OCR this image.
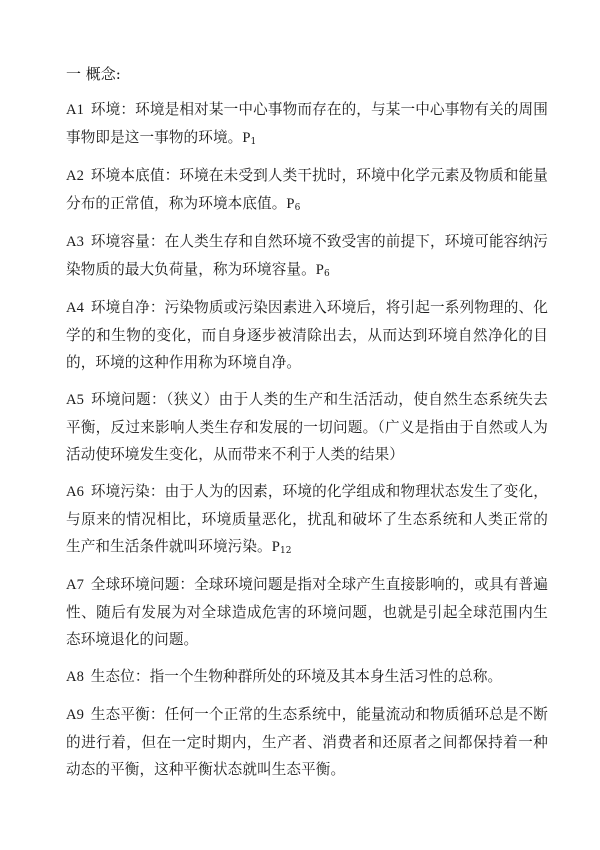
一 概念:

A1 环境：环境是相对某一中心事物而存在的，与某一中心事物有关的周围事物即是这一事物的环境。$P_1$

A2 环境本底值：环境在未受到人类干扰时，环境中化学元素及物质和能量分布的正常值，称为环境本底值。$P_6$

A3 环境容量：在人类生存和自然环境不致受害的前提下，环境可能容纳污染物质的最大负荷量，称为环境容量。$P_6$

A4 环境自净：污染物质或污染因素进入环境后，将引起一系列物理的、化学的和生物的变化，而自身逐步被清除出去，从而达到环境自然净化的目的，环境的这种作用称为环境自净。

A5 环境问题：（狭义）由于人类的生产和生活活动，使自然生态系统失去平衡，反过来影响人类生存和发展的一切问题。（广义是指由于自然或人为活动使环境发生变化，从而带来不利于人类的结果）

A6 环境污染：由于人为的因素，环境的化学组成和物理状态发生了变化，与原来的情况相比，环境质量恶化，扰乱和破坏了生态系统和人类正常的生产和生活条件就叫环境污染。$P_{12}$

A7 全球环境问题：全球环境问题是指对全球产生直接影响的，或具有普遍性、随后有发展为对全球造成危害的环境问题，也就是引起全球范围内生态环境退化的问题。

A8 生态位：指一个生物种群所处的环境及其本身生活习性的总称。

A9 生态平衡：任何一个正常的生态系统中，能量流动和物质循环总是不断的进行着，但在一定时期内，生产者、消费者和还原者之间都保持着一种动态的平衡，这种平衡状态就叫生态平衡。
